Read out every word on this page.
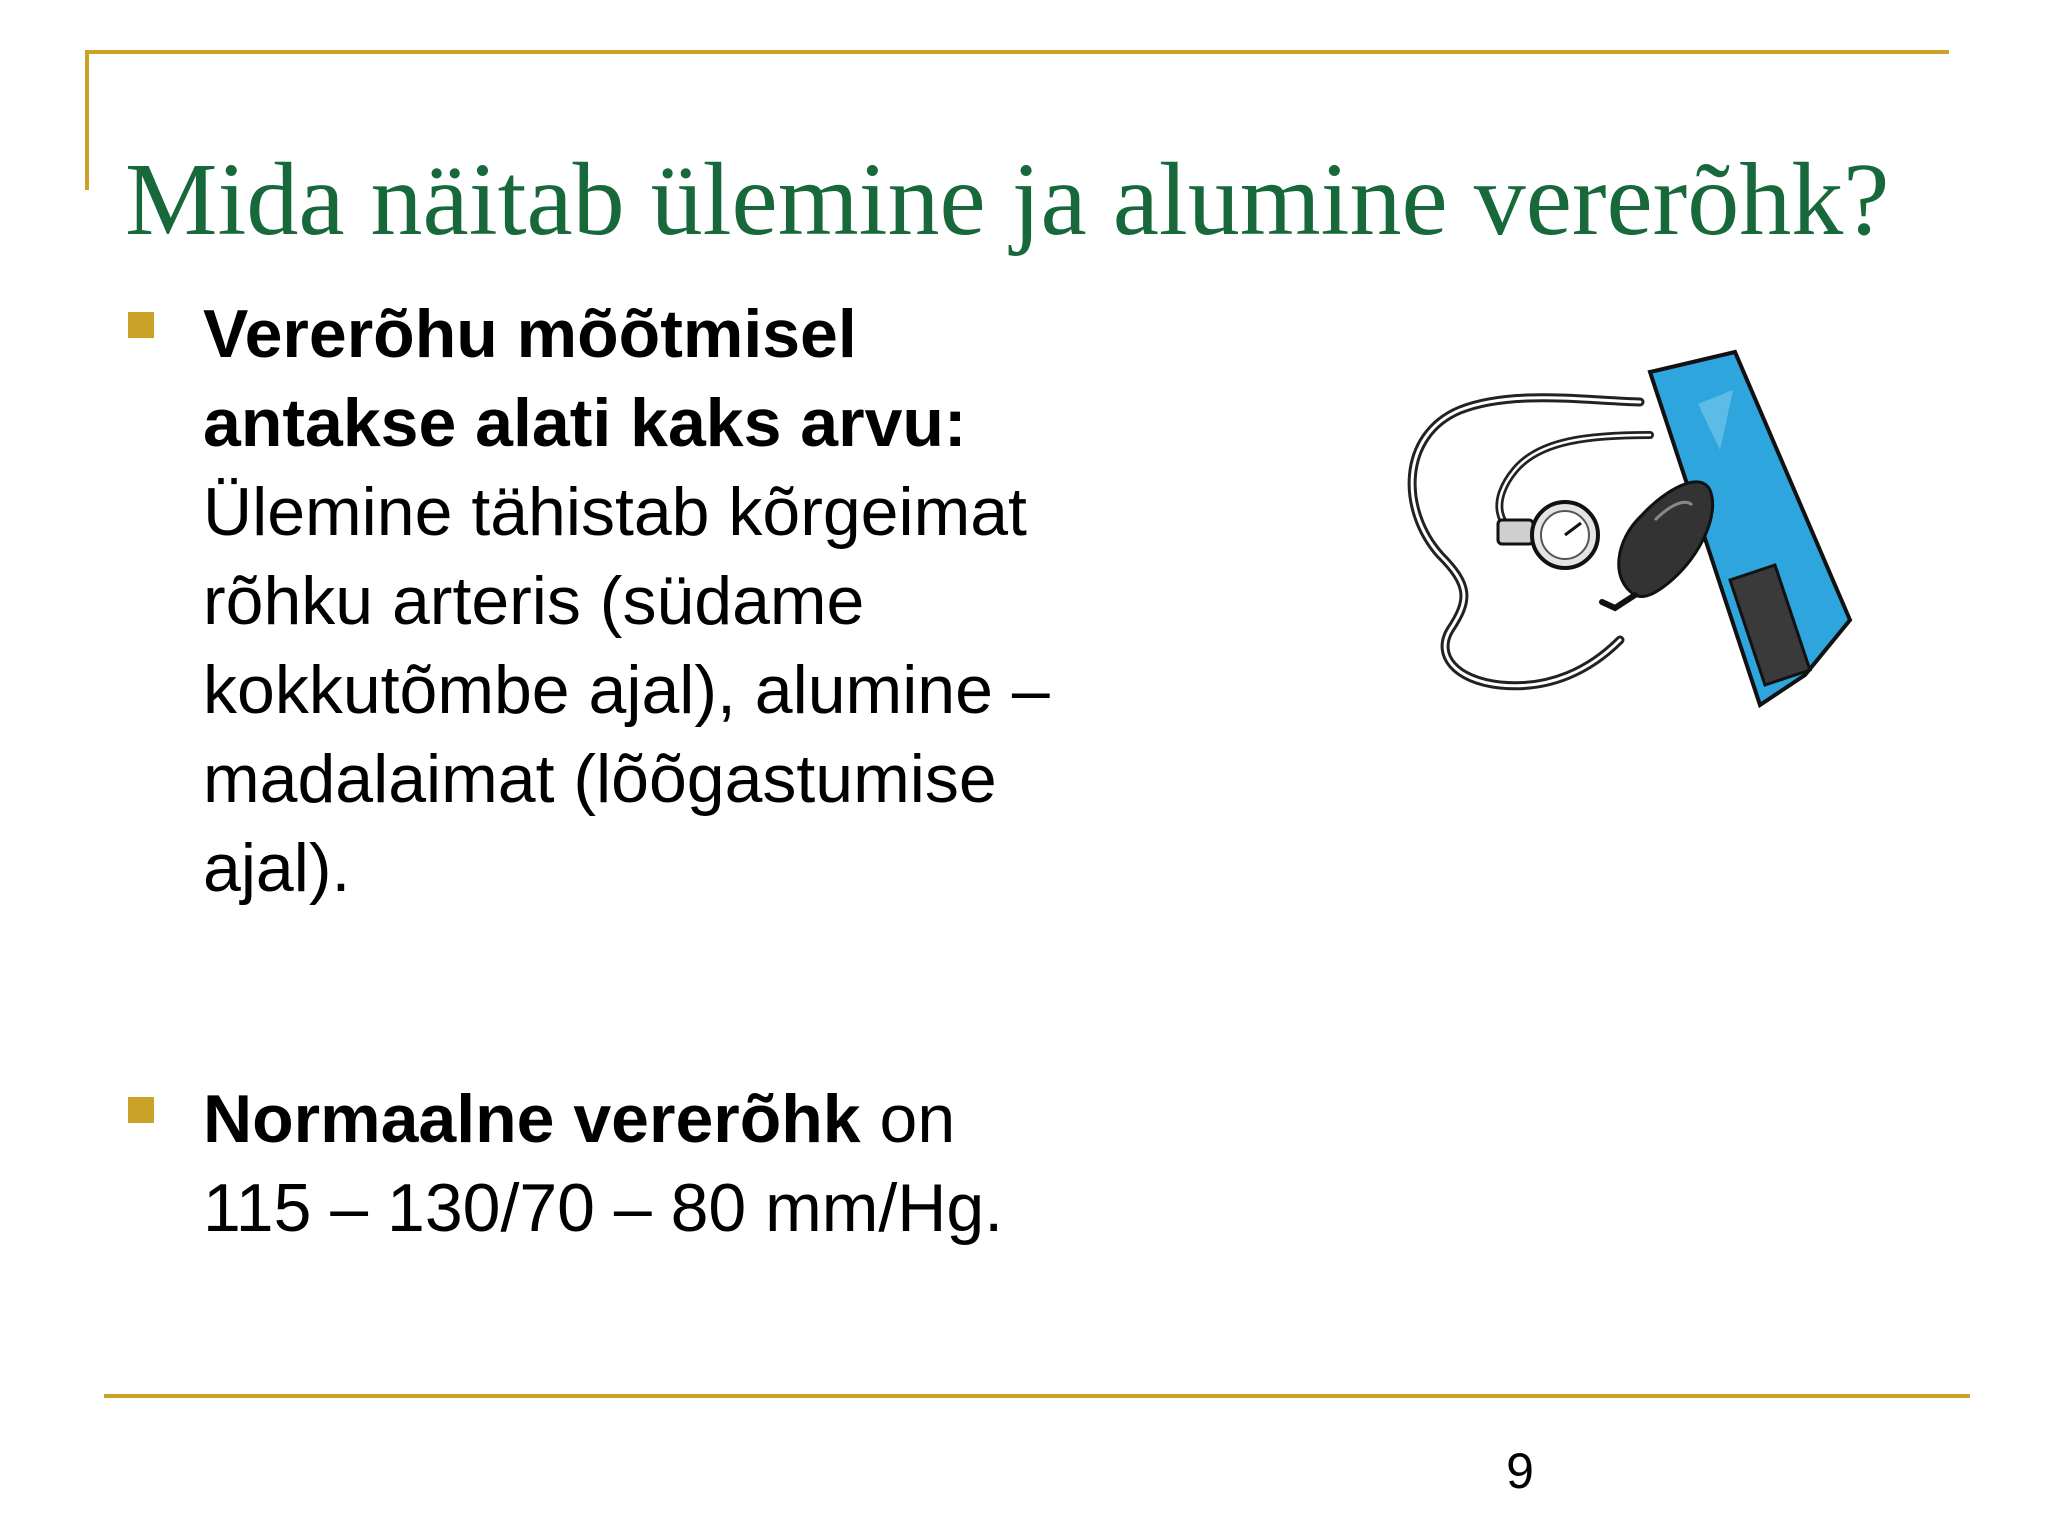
Mida näitab ülemine ja alumine vererõhk?
Vererõhu mõõtmisel
antakse alati kaks arvu:
Ülemine tähistab kõrgeimat
rõhku arteris (südame
kokkutõmbe ajal), alumine –
madalaimat (lõõgastumise
ajal).
Normaalne vererõhk on
115 – 130/70 – 80 mm/Hg.
9
